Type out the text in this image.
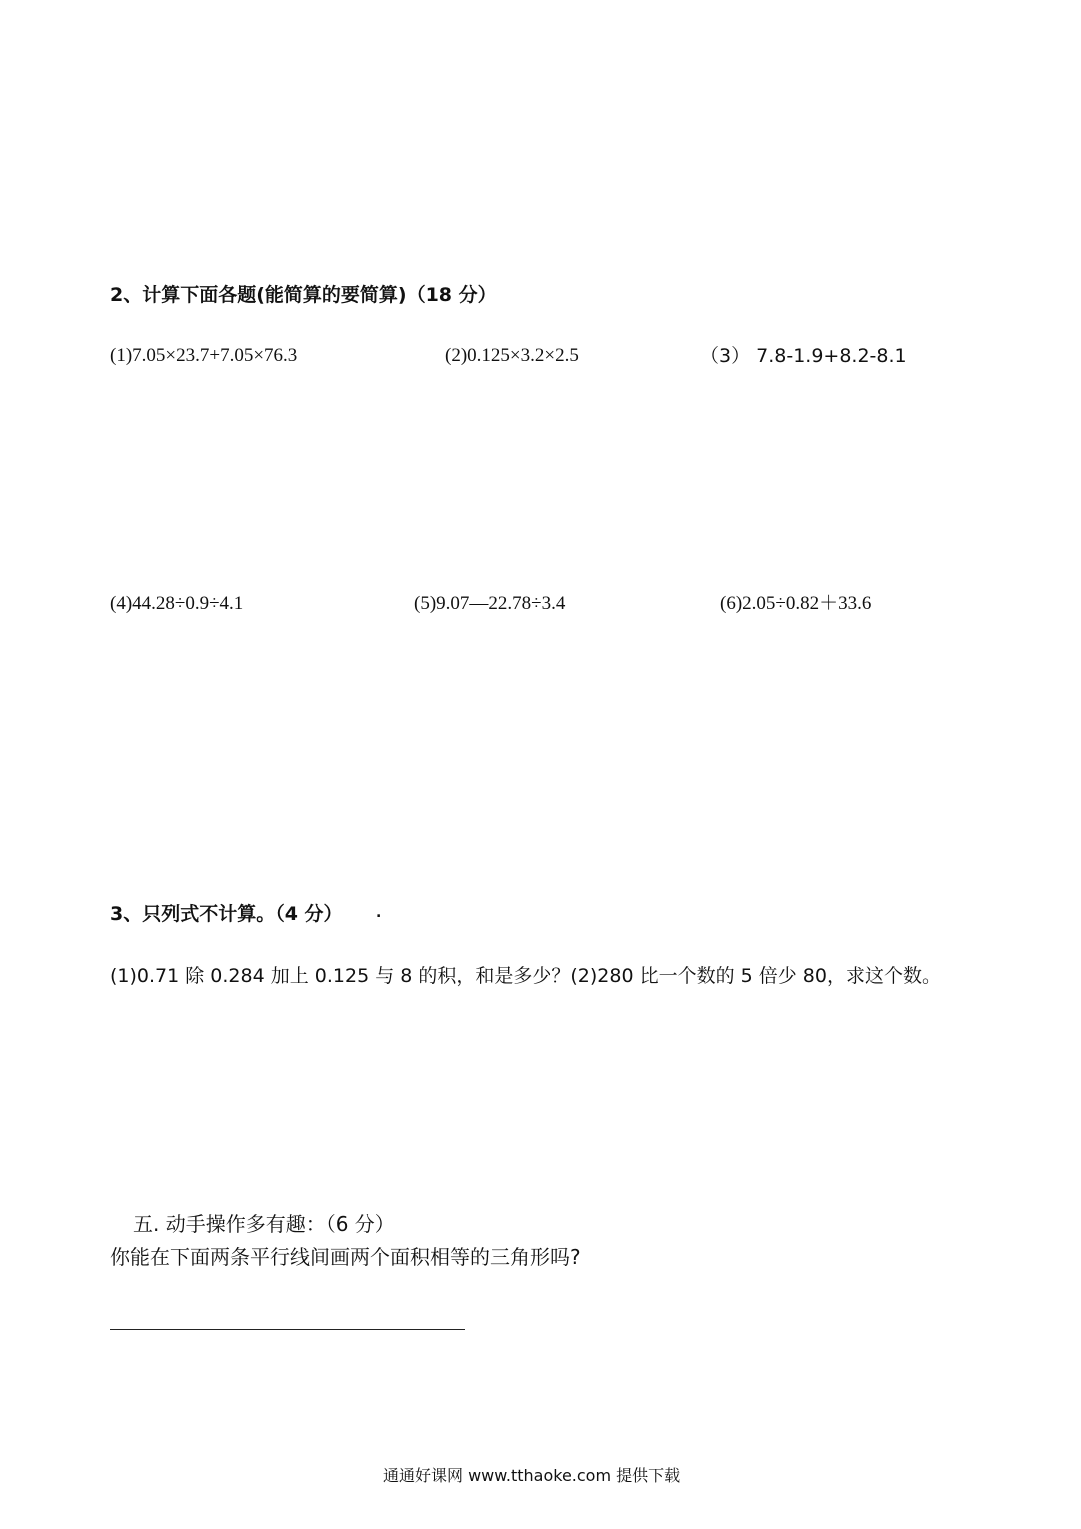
2、计算下面各题(能简算的要简算)（18 分）
(1)7.05×23.7+7.05×76.3	(2)0.125×3.2×2.5	（3） 7.8-1.9+8.2-8.1
(4)44.28÷0.9÷4.1	(5)9.07—22.78÷3.4	(6)2.05÷0.82＋33.6
3、只列式不计算。（4 分） .
(1)0.71 除 0.284 加上 0.125 与 8 的积，和是多少？(2)280 比一个数的 5 倍少 80，求这个数。
五. 动手操作多有趣：（6 分）
你能在下面两条平行线间画两个面积相等的三角形吗?
通通好课网 www.tthaoke.com 提供下载
